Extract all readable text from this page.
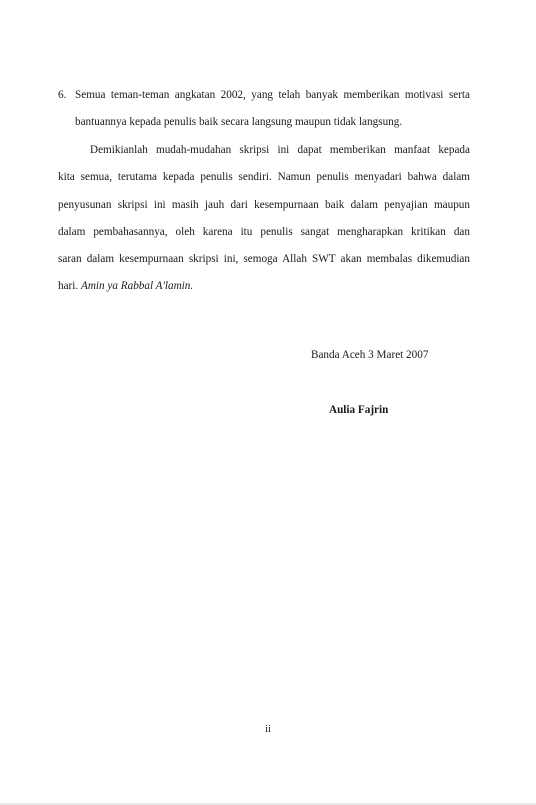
6. Semua teman-teman angkatan 2002, yang telah banyak memberikan motivasi serta
bantuannya kepada penulis baik secara langsung maupun tidak langsung.
Demikianlah mudah-mudahan skripsi ini dapat memberikan manfaat kepada
kita semua, terutama kepada penulis sendiri. Namun penulis menyadari bahwa dalam
penyusunan skripsi ini masih jauh dari kesempurnaan baik dalam penyajian maupun
dalam pembahasannya, oleh karena itu penulis sangat mengharapkan kritikan dan
saran dalam kesempurnaan skripsi ini, semoga Allah SWT akan membalas dikemudian
hari. Amin ya Rabbal A'lamin.
Banda Aceh 3 Maret 2007
Aulia Fajrin
ii
